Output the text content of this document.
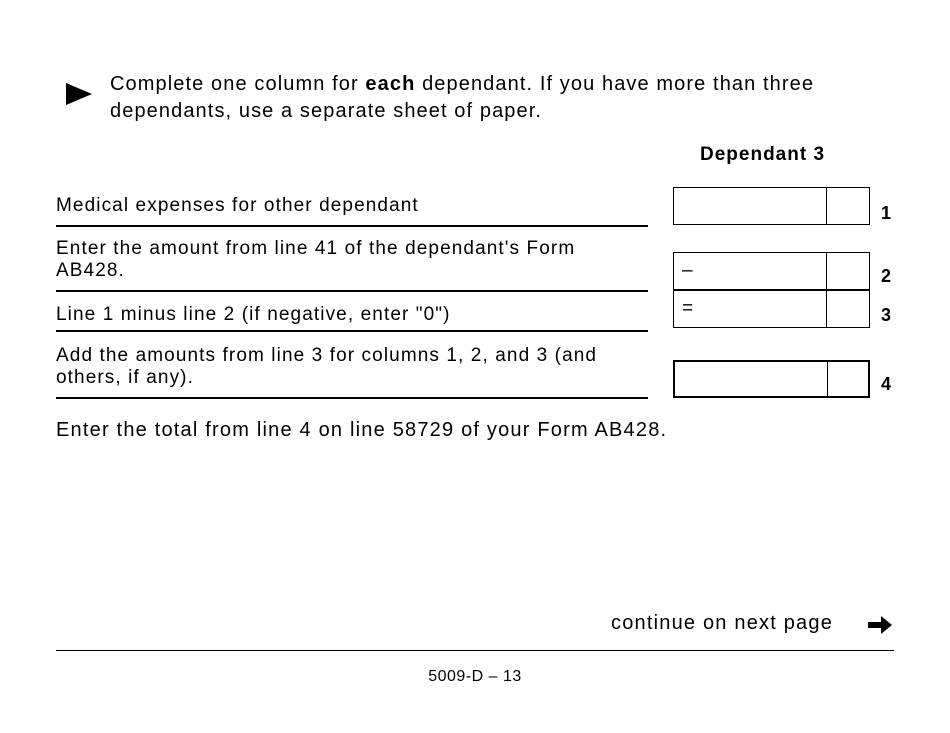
Complete one column for each dependant. If you have more than three dependants, use a separate sheet of paper.
Dependant 3
Medical expenses for other dependant	1
Enter the amount from line 41 of the dependant's Form AB428.	–	2
Line 1 minus line 2 (if negative, enter "0")	=	3
Add the amounts from line 3 for columns 1, 2, and 3 (and others, if any).	4
Enter the total from line 4 on line 58729 of your Form AB428.
continue on next page
5009-D – 13
